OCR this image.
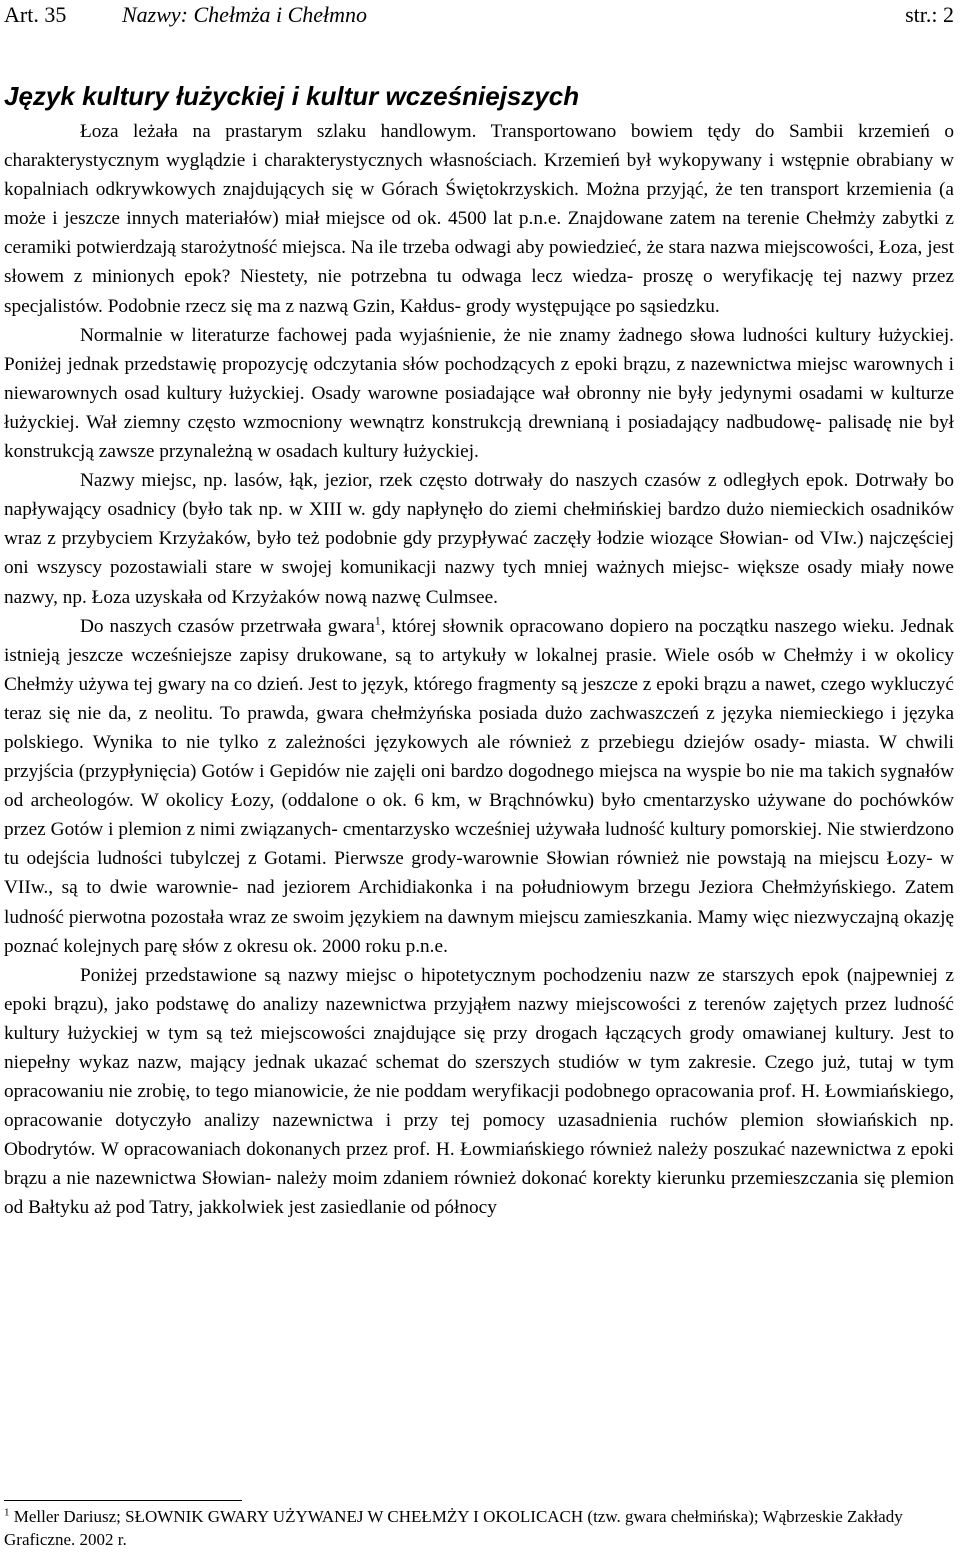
Art. 35	Nazwy: Chełmża i Chełmno	str.: 2
Język kultury łużyckiej i kultur wcześniejszych

Łoza leżała na prastarym szlaku handlowym. Transportowano bowiem tędy do Sambii krzemień o charakterystycznym wyglądzie i charakterystycznych własnościach. Krzemień był wykopywany i wstępnie obrabiany w kopalniach odkrywkowych znajdujących się w Górach Świętokrzyskich. Można przyjąć, że ten transport krzemienia (a może i jeszcze innych materiałów) miał miejsce od ok. 4500 lat p.n.e. Znajdowane zatem na terenie Chełmży zabytki z ceramiki potwierdzają starożytność miejsca. Na ile trzeba odwagi aby powiedzieć, że stara nazwa miejscowości, Łoza, jest słowem z minionych epok? Niestety, nie potrzebna tu odwaga lecz wiedza- proszę o weryfikację tej nazwy przez specjalistów. Podobnie rzecz się ma z nazwą Gzin, Kałdus- grody występujące po sąsiedzku.

Normalnie w literaturze fachowej pada wyjaśnienie, że nie znamy żadnego słowa ludności kultury łużyckiej. Poniżej jednak przedstawię propozycję odczytania słów pochodzących z epoki brązu, z nazewnictwa miejsc warownych i niewarownych osad kultury łużyckiej. Osady warowne posiadające wał obronny nie były jedynymi osadami w kulturze łużyckiej. Wał ziemny często wzmocniony wewnątrz konstrukcją drewnianą i posiadający nadbudowę- palisadę nie był konstrukcją zawsze przynależną w osadach kultury łużyckiej.

Nazwy miejsc, np. lasów, łąk, jezior, rzek często dotrwały do naszych czasów z odległych epok. Dotrwały bo napływający osadnicy (było tak np. w XIII w. gdy napłynęło do ziemi chełmińskiej bardzo dużo niemieckich osadników wraz z przybyciem Krzyżaków, było też podobnie gdy przypływać zaczęły łodzie wiozące Słowian- od VIw.) najczęściej oni wszyscy pozostawiali stare w swojej komunikacji nazwy tych mniej ważnych miejsc- większe osady miały nowe nazwy, np. Łoza uzyskała od Krzyżaków nową nazwę Culmsee.

Do naszych czasów przetrwała gwara$^1$, której słownik opracowano dopiero na początku naszego wieku. Jednak istnieją jeszcze wcześniejsze zapisy drukowane, są to artykuły w lokalnej prasie. Wiele osób w Chełmży i w okolicy Chełmży używa tej gwary na co dzień. Jest to język, którego fragmenty są jeszcze z epoki brązu a nawet, czego wykluczyć teraz się nie da, z neolitu. To prawda, gwara chełmżyńska posiada dużo zachwaszczeń z języka niemieckiego i języka polskiego. Wynika to nie tylko z zależności językowych ale również z przebiegu dziejów osady- miasta. W chwili przyjścia (przypłynięcia) Gotów i Gepidów nie zajęli oni bardzo dogodnego miejsca na wyspie bo nie ma takich sygnałów od archeologów. W okolicy Łozy, (oddalone o ok. 6 km, w Brąchnówku) było cmentarzysko używane do pochówków przez Gotów i plemion z nimi związanych- cmentarzysko wcześniej używała ludność kultury pomorskiej. Nie stwierdzono tu odejścia ludności tubylczej z Gotami. Pierwsze grody-warownie Słowian również nie powstają na miejscu Łozy- w VIIw., są to dwie warownie- nad jeziorem Archidiakonka i na południowym brzegu Jeziora Chełmżyńskiego. Zatem ludność pierwotna pozostała wraz ze swoim językiem na dawnym miejscu zamieszkania. Mamy więc niezwyczajną okazję poznać kolejnych parę słów z okresu ok. 2000 roku p.n.e.

Poniżej przedstawione są nazwy miejsc o hipotetycznym pochodzeniu nazw ze starszych epok (najpewniej z epoki brązu), jako podstawę do analizy nazewnictwa przyjąłem nazwy miejscowości z terenów zajętych przez ludność kultury łużyckiej w tym są też miejscowości znajdujące się przy drogach łączących grody omawianej kultury. Jest to niepełny wykaz nazw, mający jednak ukazać schemat do szerszych studiów w tym zakresie. Czego już, tutaj w tym opracowaniu nie zrobię, to tego mianowicie, że nie poddam weryfikacji podobnego opracowania prof. H. Łowmiańskiego, opracowanie dotyczyło analizy nazewnictwa i przy tej pomocy uzasadnienia ruchów plemion słowiańskich np. Obodrytów. W opracowaniach dokonanych przez prof. H. Łowmiańskiego również należy poszukać nazewnictwa z epoki brązu a nie nazewnictwa Słowian- należy moim zdaniem również dokonać korekty kierunku przemieszczania się plemion od Bałtyku aż pod Tatry, jakkolwiek jest zasiedlanie od północy

$^1$ Meller Dariusz; SŁOWNIK GWARY UŻYWANEJ W CHEŁMŻY I OKOLICACH (tzw. gwara chełmińska); Wąbrzeskie Zakłady Graficzne. 2002 r.
